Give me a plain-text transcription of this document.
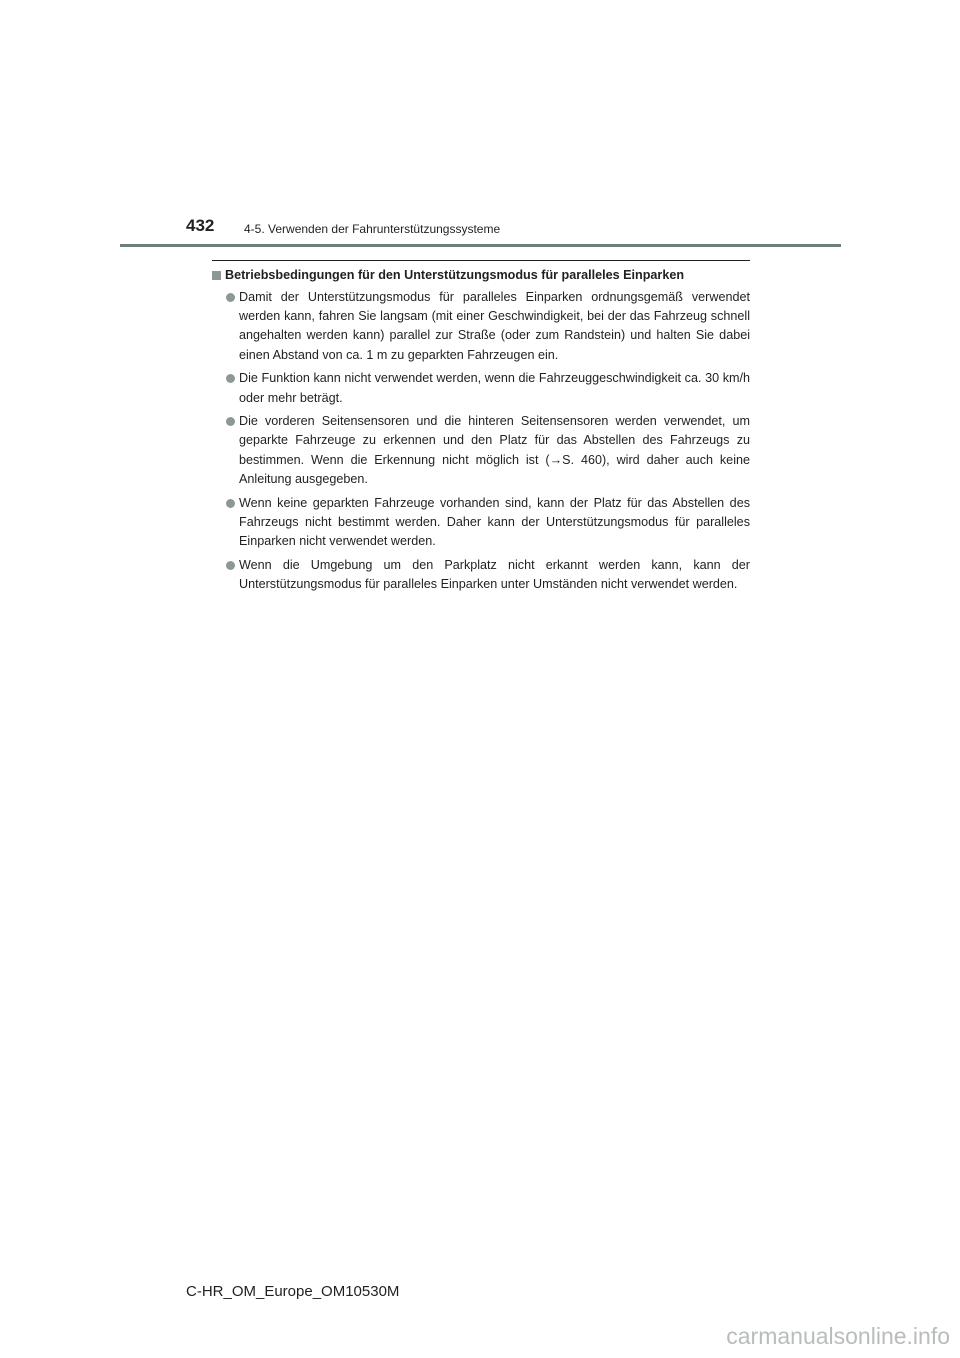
432 4-5. Verwenden der Fahrunterstützungssysteme
Betriebsbedingungen für den Unterstützungsmodus für paralleles Einparken
Damit der Unterstützungsmodus für paralleles Einparken ordnungsgemäß verwendet werden kann, fahren Sie langsam (mit einer Geschwindigkeit, bei der das Fahrzeug schnell angehalten werden kann) parallel zur Straße (oder zum Randstein) und halten Sie dabei einen Abstand von ca. 1 m zu geparkten Fahrzeugen ein.
Die Funktion kann nicht verwendet werden, wenn die Fahrzeuggeschwindigkeit ca. 30 km/h oder mehr beträgt.
Die vorderen Seitensensoren und die hinteren Seitensensoren werden verwendet, um geparkte Fahrzeuge zu erkennen und den Platz für das Abstellen des Fahrzeugs zu bestimmen. Wenn die Erkennung nicht möglich ist (→S. 460), wird daher auch keine Anleitung ausgegeben.
Wenn keine geparkten Fahrzeuge vorhanden sind, kann der Platz für das Abstellen des Fahrzeugs nicht bestimmt werden. Daher kann der Unterstützungsmodus für paralleles Einparken nicht verwendet werden.
Wenn die Umgebung um den Parkplatz nicht erkannt werden kann, kann der Unterstützungsmodus für paralleles Einparken unter Umständen nicht verwendet werden.
C-HR_OM_Europe_OM10530M
carmanualsonline.info
